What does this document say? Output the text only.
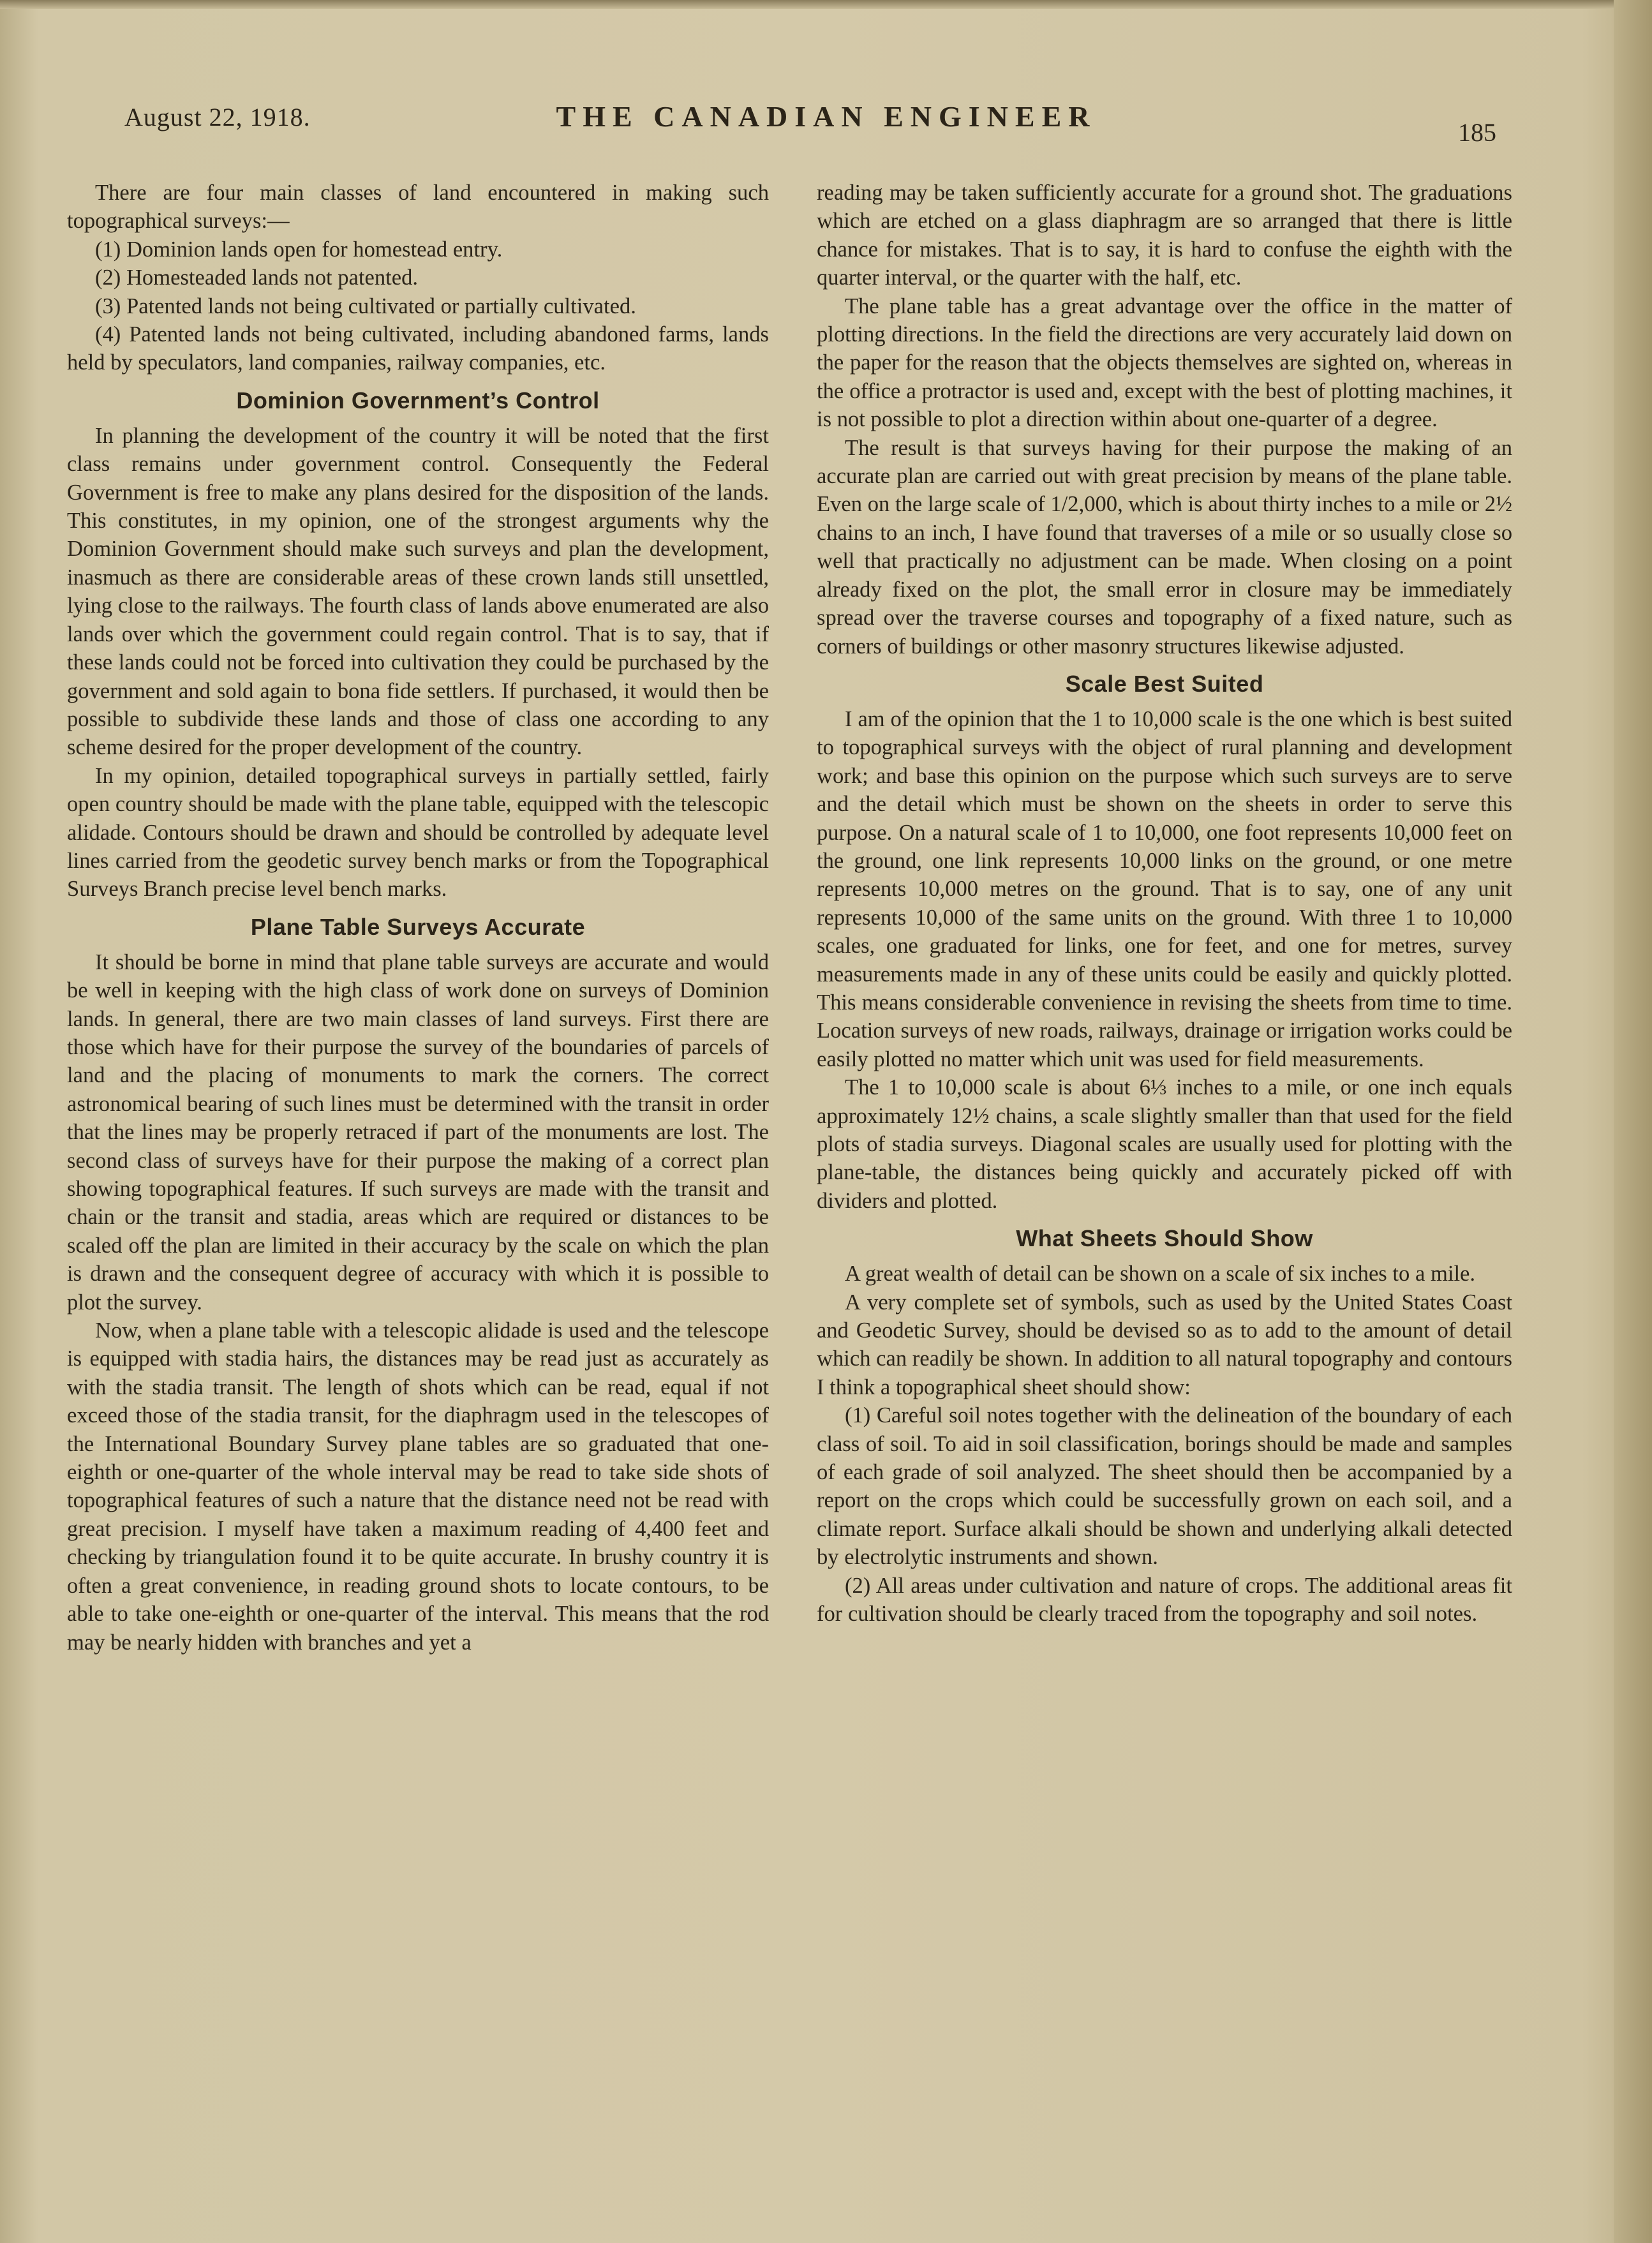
August 22, 1918.	THE CANADIAN ENGINEER	185

There are four main classes of land encountered in making such topographical surveys:—

(1) Dominion lands open for homestead entry.

(2) Homesteaded lands not patented.

(3) Patented lands not being cultivated or partially cultivated.

(4) Patented lands not being cultivated, including abandoned farms, lands held by speculators, land companies, railway companies, etc.

Dominion Government’s Control

In planning the development of the country it will be noted that the first class remains under government control. Consequently the Federal Government is free to make any plans desired for the disposition of the lands. This constitutes, in my opinion, one of the strongest arguments why the Dominion Government should make such surveys and plan the development, inasmuch as there are considerable areas of these crown lands still unsettled, lying close to the railways. The fourth class of lands above enumerated are also lands over which the government could regain control. That is to say, that if these lands could not be forced into cultivation they could be purchased by the government and sold again to bona fide settlers. If purchased, it would then be possible to subdivide these lands and those of class one according to any scheme desired for the proper development of the country.

In my opinion, detailed topographical surveys in partially settled, fairly open country should be made with the plane table, equipped with the telescopic alidade. Contours should be drawn and should be controlled by adequate level lines carried from the geodetic survey bench marks or from the Topographical Surveys Branch precise level bench marks.

Plane Table Surveys Accurate

It should be borne in mind that plane table surveys are accurate and would be well in keeping with the high class of work done on surveys of Dominion lands. In general, there are two main classes of land surveys. First there are those which have for their purpose the survey of the boundaries of parcels of land and the placing of monuments to mark the corners. The correct astronomical bearing of such lines must be determined with the transit in order that the lines may be properly retraced if part of the monuments are lost. The second class of surveys have for their purpose the making of a correct plan showing topographical features. If such surveys are made with the transit and chain or the transit and stadia, areas which are required or distances to be scaled off the plan are limited in their accuracy by the scale on which the plan is drawn and the consequent degree of accuracy with which it is possible to plot the survey.

Now, when a plane table with a telescopic alidade is used and the telescope is equipped with stadia hairs, the distances may be read just as accurately as with the stadia transit. The length of shots which can be read, equal if not exceed those of the stadia transit, for the diaphragm used in the telescopes of the International Boundary Survey plane tables are so graduated that one-eighth or one-quarter of the whole interval may be read to take side shots of topographical features of such a nature that the distance need not be read with great precision. I myself have taken a maximum reading of 4,400 feet and checking by triangulation found it to be quite accurate. In brushy country it is often a great convenience, in reading ground shots to locate contours, to be able to take one-eighth or one-quarter of the interval. This means that the rod may be nearly hidden with branches and yet a

reading may be taken sufficiently accurate for a ground shot. The graduations which are etched on a glass diaphragm are so arranged that there is little chance for mistakes. That is to say, it is hard to confuse the eighth with the quarter interval, or the quarter with the half, etc.

The plane table has a great advantage over the office in the matter of plotting directions. In the field the directions are very accurately laid down on the paper for the reason that the objects themselves are sighted on, whereas in the office a protractor is used and, except with the best of plotting machines, it is not possible to plot a direction within about one-quarter of a degree.

The result is that surveys having for their purpose the making of an accurate plan are carried out with great precision by means of the plane table. Even on the large scale of 1/2,000, which is about thirty inches to a mile or 2½ chains to an inch, I have found that traverses of a mile or so usually close so well that practically no adjustment can be made. When closing on a point already fixed on the plot, the small error in closure may be immediately spread over the traverse courses and topography of a fixed nature, such as corners of buildings or other masonry structures likewise adjusted.

Scale Best Suited

I am of the opinion that the 1 to 10,000 scale is the one which is best suited to topographical surveys with the object of rural planning and development work; and base this opinion on the purpose which such surveys are to serve and the detail which must be shown on the sheets in order to serve this purpose. On a natural scale of 1 to 10,000, one foot represents 10,000 feet on the ground, one link represents 10,000 links on the ground, or one metre represents 10,000 metres on the ground. That is to say, one of any unit represents 10,000 of the same units on the ground. With three 1 to 10,000 scales, one graduated for links, one for feet, and one for metres, survey measurements made in any of these units could be easily and quickly plotted. This means considerable convenience in revising the sheets from time to time. Location surveys of new roads, railways, drainage or irrigation works could be easily plotted no matter which unit was used for field measurements.

The 1 to 10,000 scale is about 6⅓ inches to a mile, or one inch equals approximately 12½ chains, a scale slightly smaller than that used for the field plots of stadia surveys. Diagonal scales are usually used for plotting with the plane-table, the distances being quickly and accurately picked off with dividers and plotted.

What Sheets Should Show

A great wealth of detail can be shown on a scale of six inches to a mile.

A very complete set of symbols, such as used by the United States Coast and Geodetic Survey, should be devised so as to add to the amount of detail which can readily be shown. In addition to all natural topography and contours I think a topographical sheet should show:

(1) Careful soil notes together with the delineation of the boundary of each class of soil. To aid in soil classification, borings should be made and samples of each grade of soil analyzed. The sheet should then be accompanied by a report on the crops which could be successfully grown on each soil, and a climate report. Surface alkali should be shown and underlying alkali detected by electrolytic instruments and shown.

(2) All areas under cultivation and nature of crops. The additional areas fit for cultivation should be clearly traced from the topography and soil notes.
